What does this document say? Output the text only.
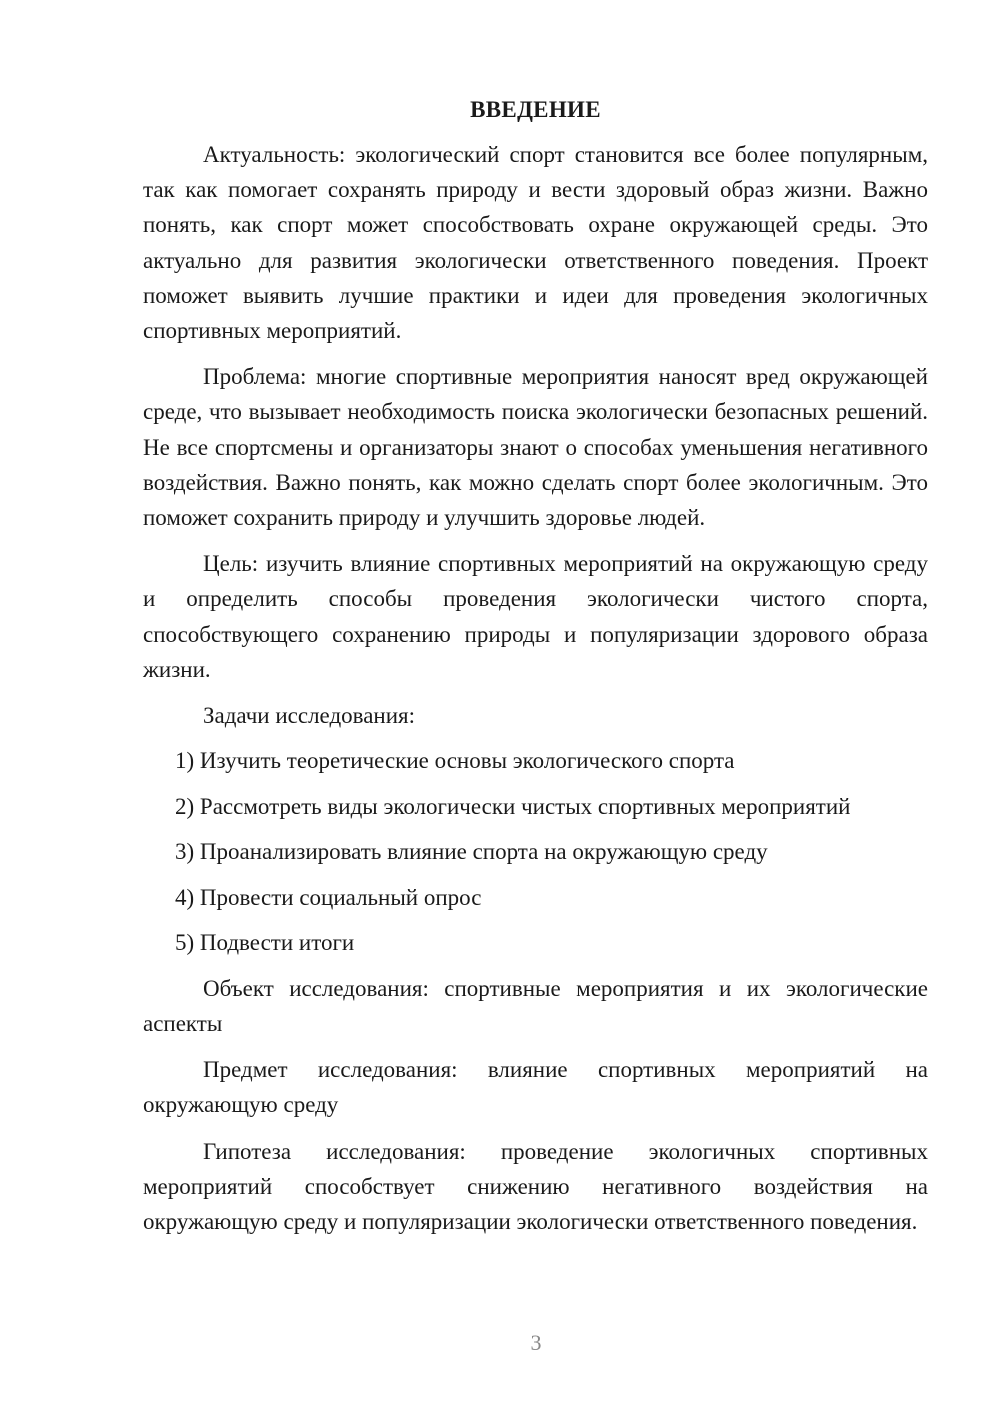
ВВЕДЕНИЕ

Актуальность: экологический спорт становится все более популярным, так как помогает сохранять природу и вести здоровый образ жизни. Важно понять, как спорт может способствовать охране окружающей среды. Это актуально для развития экологически ответственного поведения. Проект поможет выявить лучшие практики и идеи для проведения экологичных спортивных мероприятий.

Проблема: многие спортивные мероприятия наносят вред окружающей среде, что вызывает необходимость поиска экологически безопасных решений. Не все спортсмены и организаторы знают о способах уменьшения негативного воздействия. Важно понять, как можно сделать спорт более экологичным. Это поможет сохранить природу и улучшить здоровье людей.

Цель: изучить влияние спортивных мероприятий на окружающую среду и определить способы проведения экологически чистого спорта, способствующего сохранению природы и популяризации здорового образа жизни.

Задачи исследования:

1) Изучить теоретические основы экологического спорта
2) Рассмотреть виды экологически чистых спортивных мероприятий
3) Проанализировать влияние спорта на окружающую среду
4) Провести социальный опрос
5) Подвести итоги

Объект исследования: спортивные мероприятия и их экологические аспекты

Предмет исследования: влияние спортивных мероприятий на окружающую среду

Гипотеза исследования: проведение экологичных спортивных мероприятий способствует снижению негативного воздействия на окружающую среду и популяризации экологически ответственного поведения.

3
